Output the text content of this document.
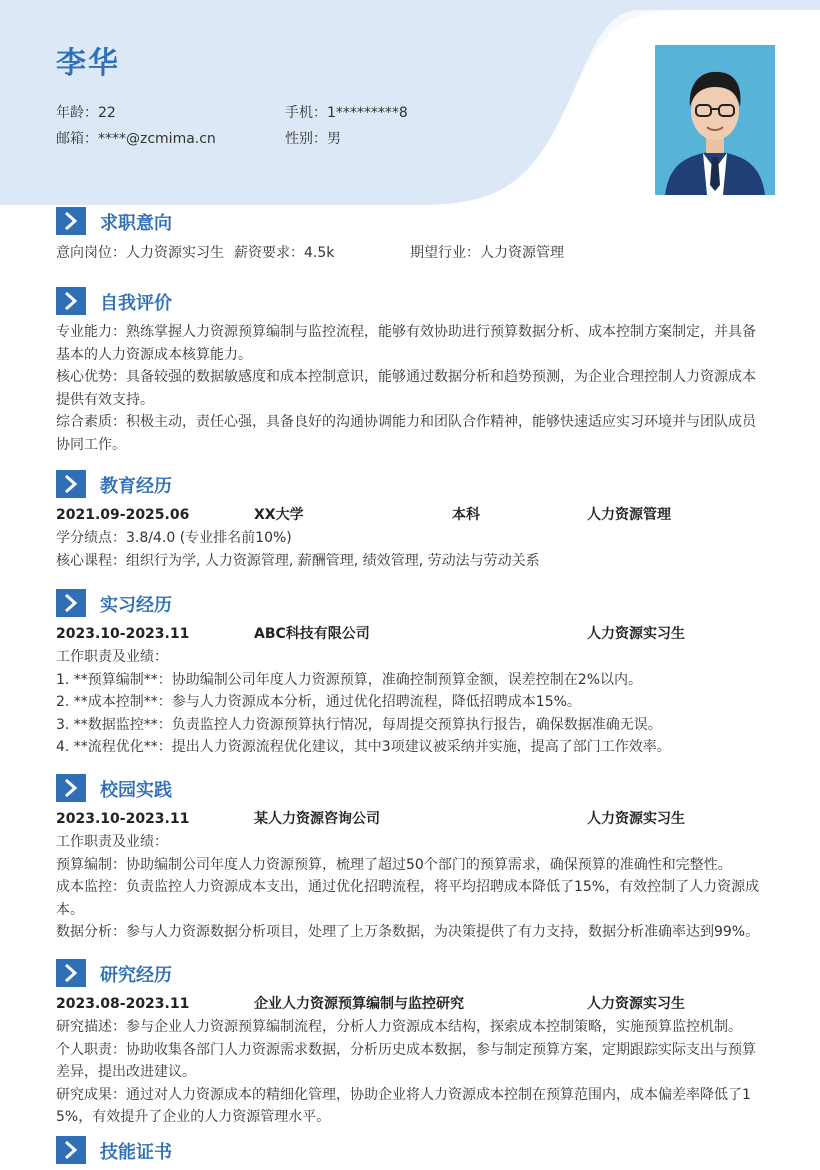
李华
年龄：22	手机：1*********8
邮箱：****@zcmima.cn	性别：男
求职意向
意向岗位：人力资源实习生 薪资要求：4.5k	期望行业：人力资源管理
自我评价
专业能力：熟练掌握人力资源预算编制与监控流程，能够有效协助进行预算数据分析、成本控制方案制定，并具备
基本的人力资源成本核算能力。
核心优势：具备较强的数据敏感度和成本控制意识，能够通过数据分析和趋势预测，为企业合理控制人力资源成本
提供有效支持。
综合素质：积极主动，责任心强，具备良好的沟通协调能力和团队合作精神，能够快速适应实习环境并与团队成员
协同工作。
教育经历
2021.09-2025.06	XX大学	本科	人力资源管理
学分绩点：3.8/4.0 (专业排名前10%)
核心课程：组织行为学, 人力资源管理, 薪酬管理, 绩效管理, 劳动法与劳动关系
实习经历
2023.10-2023.11	ABC科技有限公司	人力资源实习生
工作职责及业绩：
1. **预算编制**：协助编制公司年度人力资源预算，准确控制预算金额，误差控制在2%以内。
2. **成本控制**：参与人力资源成本分析，通过优化招聘流程，降低招聘成本15%。
3. **数据监控**：负责监控人力资源预算执行情况，每周提交预算执行报告，确保数据准确无误。
4. **流程优化**：提出人力资源流程优化建议，其中3项建议被采纳并实施，提高了部门工作效率。
校园实践
2023.10-2023.11	某人力资源咨询公司	人力资源实习生
工作职责及业绩：
预算编制：协助编制公司年度人力资源预算，梳理了超过50个部门的预算需求，确保预算的准确性和完整性。
成本监控：负责监控人力资源成本支出，通过优化招聘流程，将平均招聘成本降低了15%，有效控制了人力资源成
本。
数据分析：参与人力资源数据分析项目，处理了上万条数据，为决策提供了有力支持，数据分析准确率达到99%。
研究经历
2023.08-2023.11	企业人力资源预算编制与监控研究	人力资源实习生
研究描述：参与企业人力资源预算编制流程，分析人力资源成本结构，探索成本控制策略，实施预算监控机制。
个人职责：协助收集各部门人力资源需求数据，分析历史成本数据，参与制定预算方案，定期跟踪实际支出与预算
差异，提出改进建议。
研究成果：通过对人力资源成本的精细化管理，协助企业将人力资源成本控制在预算范围内，成本偏差率降低了1
5%，有效提升了企业的人力资源管理水平。
技能证书
